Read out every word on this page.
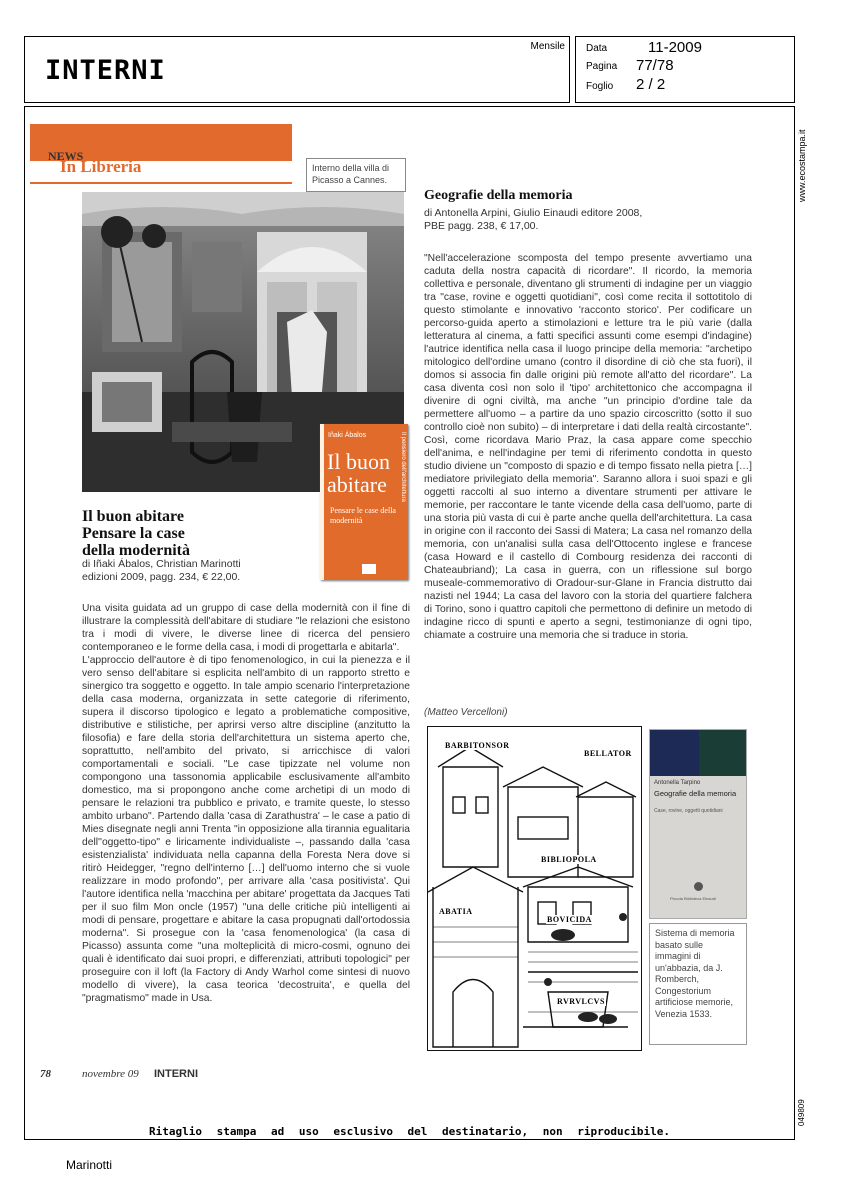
INTERNI
Mensile Data	11-2009
Pagina 77/78
Foglio 2 / 2
www.ecostampa.it
049809
NEWS
In Libreria	Interno della villa di Picasso a Cannes.
Iñaki Ábalos
Il buon abitare
Pensare le case della modernità
Il pensiero dell'architettura
Il buon abitare
Pensare la case
della modernità
di Iñaki Ábalos, Christian Marinotti
edizioni 2009, pagg. 234, € 22,00.

Una visita guidata ad un gruppo di case della modernità con il fine di illustrare la complessità dell'abitare di studiare "le relazioni che esistono tra i modi di vivere, le diverse linee di ricerca del pensiero contemporaneo e le forme della casa, i modi di progettarla e abitarla".

L'approccio dell'autore è di tipo fenomenologico, in cui la pienezza e il vero senso dell'abitare si esplicita nell'ambito di un rapporto stretto e sinergico tra soggetto e oggetto. In tale ampio scenario l'interpretazione della casa moderna, organizzata in sette categorie di riferimento, supera il discorso tipologico e legato a problematiche compositive, distributive e stilistiche, per aprirsi verso altre discipline (anzitutto la filosofia) e fare della storia dell'architettura un sistema aperto che, soprattutto, nell'ambito del privato, si arricchisce di valori comportamentali e sociali. "Le case tipizzate nel volume non compongono una tassonomia applicabile esclusivamente all'ambito domestico, ma si propongono anche come archetipi di un modo di pensare le relazioni tra pubblico e privato, e tramite queste, lo stesso ambito urbano". Partendo dalla 'casa di Zarathustra' – le case a patio di Mies disegnate negli anni Trenta "in opposizione alla tirannia egualitaria dell''oggetto-tipo" e liricamente individualiste –, passando dalla 'casa esistenzialista' individuata nella capanna della Foresta Nera dove si ritirò Heidegger, "regno dell'interno […] dell'uomo interno che si vuole realizzare in modo profondo", per arrivare alla 'casa positivista'. Qui l'autore identifica nella 'macchina per abitare' progettata da Jacques Tati per il suo film Mon oncle (1957) "una delle critiche più intelligenti ai modi di pensare, progettare e abitare la casa propugnati dall'ortodossia moderna". Si prosegue con la 'casa fenomenologica' (la casa di Picasso) assunta come "una molteplicità di micro-cosmi, ognuno dei quali è identificato dai suoi propri, e differenziati, attributi topologici" per proseguire con il loft (la Factory di Andy Warhol come sintesi di nuovo modello di vivere), la casa teorica 'decostruita', e quella del "pragmatismo" made in Usa.

Geografie della memoria
di Antonella Arpini, Giulio Einaudi editore 2008,
PBE pagg. 238, € 17,00.

"Nell'accelerazione scomposta del tempo presente avvertiamo una caduta della nostra capacità di ricordare". Il ricordo, la memoria collettiva e personale, diventano gli strumenti di indagine per un viaggio tra "case, rovine e oggetti quotidiani", così come recita il sottotitolo di questo stimolante e innovativo 'racconto storico'. Per codificare un percorso-guida aperto a stimolazioni e letture tra le più varie (dalla letteratura al cinema, a fatti specifici assunti come esempi d'indagine) l'autrice identifica nella casa il luogo principe della memoria: "archetipo mitologico dell'ordine umano (contro il disordine di ciò che sta fuori), il domos si associa fin dalle origini più remote all'atto del ricordare". La casa diventa così non solo il 'tipo' architettonico che accompagna il divenire di ogni civiltà, ma anche "un principio d'ordine tale da permettere all'uomo – a partire da uno spazio circoscritto (sotto il suo controllo cioè non subito) – di interpretare i dati della realtà circostante". Così, come ricordava Mario Praz, la casa appare come specchio dell'anima, e nell'indagine per temi di riferimento condotta in questo studio diviene un "composto di spazio e di tempo fissato nella pietra […] mediatore privilegiato della memoria". Saranno allora i suoi spazi e gli oggetti raccolti al suo interno a diventare strumenti per attivare le memorie, per raccontare le tante vicende della casa dell'uomo, parte di una storia più vasta di cui è parte anche quella dell'architettura. La casa in origine con il racconto dei Sassi di Matera; La casa nel romanzo della memoria, con un'analisi sulla casa dell'Ottocento inglese e francese (casa Howard e il castello di Combourg residenza dei racconti di Chateaubriand); La casa in guerra, con un riflessione sul borgo museale-commemorativo di Oradour-sur-Glane in Francia distrutto dai nazisti nel 1944; La casa del lavoro con la storia del quartiere falchera di Torino, sono i quattro capitoli che permettono di definire un metodo di indagine ricco di spunti e aperto a segni, testimonianze di ogni tipo, chiamate a costruire una memoria che si traduce in storia.

(Matteo Vercelloni)
BARBITONSOR
BELLATOR
BIBLIOPOLA
ABATIA
BOVICIDA
RVRVLCVS
Antonella Tarpino
Geografie della memoria
Case, rovine, oggetti quotidiani
Piccola Biblioteca Einaudi
Sistema di memoria basato sulle immagini di un'abbazia, da J. Romberch, Congestorium artificiose memorie, Venezia 1533.
78	novembre 09	INTERNI
Ritaglio stampa ad uso esclusivo del destinatario, non riproducibile.
Marinotti
